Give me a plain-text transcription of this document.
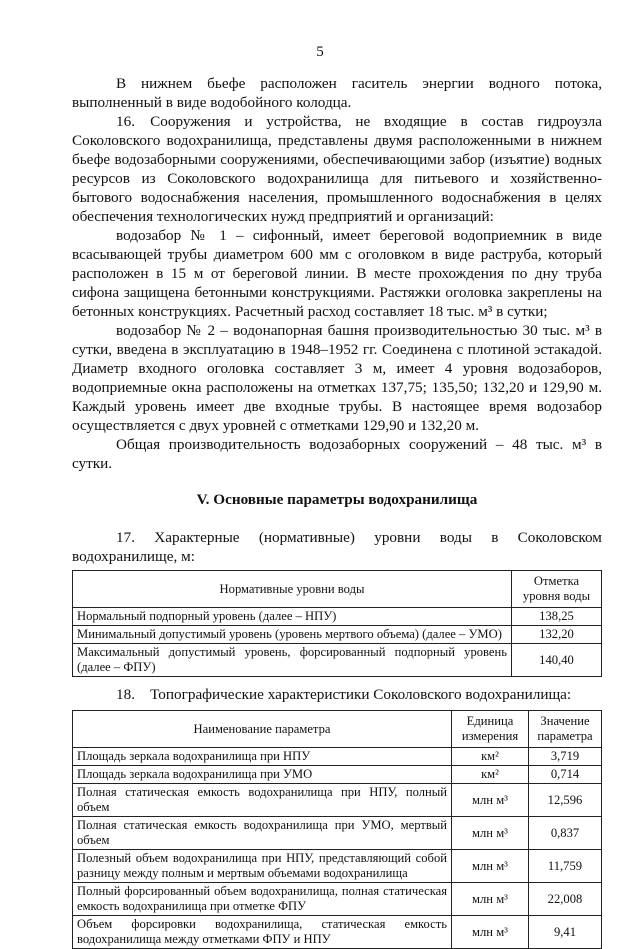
5

В нижнем бьефе расположен гаситель энергии водного потока, выполненный в виде водобойного колодца.

16. Сооружения и устройства, не входящие в состав гидроузла Соколовского водохранилища, представлены двумя расположенными в нижнем бьефе водозаборными сооружениями, обеспечивающими забор (изъятие) водных ресурсов из Соколовского водохранилища для питьевого и хозяйственно-бытового водоснабжения населения, промышленного водоснабжения в целях обеспечения технологических нужд предприятий и организаций:

водозабор № 1 – сифонный, имеет береговой водоприемник в виде всасывающей трубы диаметром 600 мм с оголовком в виде раструба, который расположен в 15 м от береговой линии. В месте прохождения по дну труба сифона защищена бетонными конструкциями. Растяжки оголовка закреплены на бетонных конструкциях. Расчетный расход составляет 18 тыс. м³ в сутки;

водозабор № 2 – водонапорная башня производительностью 30 тыс. м³ в сутки, введена в эксплуатацию в 1948–1952 гг. Соединена с плотиной эстакадой. Диаметр входного оголовка составляет 3 м, имеет 4 уровня водозаборов, водоприемные окна расположены на отметках 137,75; 135,50; 132,20 и 129,90 м. Каждый уровень имеет две входные трубы. В настоящее время водозабор осуществляется с двух уровней с отметками 129,90 и 132,20 м.

Общая производительность водозаборных сооружений – 48 тыс. м³ в сутки.

V. Основные параметры водохранилища

17. Характерные (нормативные) уровни воды в Соколовском

водохранилище, м:

Нормативные уровни воды	Отметка уровня воды
Нормальный подпорный уровень (далее – НПУ)	138,25
Минимальный допустимый уровень (уровень мертвого объема) (далее – УМО)	132,20
Максимальный допустимый уровень, форсированный подпорный уровень (далее – ФПУ)	140,40

18. Топографические характеристики Соколовского водохранилища:

Наименование параметра	Единица измерения	Значение параметра
Площадь зеркала водохранилища при НПУ	км²	3,719
Площадь зеркала водохранилища при УМО	км²	0,714
Полная статическая емкость водохранилища при НПУ, полный объем	млн м³	12,596
Полная статическая емкость водохранилища при УМО, мертвый объем	млн м³	0,837
Полезный объем водохранилища при НПУ, представляющий собой разницу между полным и мертвым объемами водохранилища	млн м³	11,759
Полный форсированный объем водохранилища, полная статическая емкость водохранилища при отметке ФПУ	млн м³	22,008
Объем форсировки водохранилища, статическая емкость водохранилища между отметками ФПУ и НПУ	млн м³	9,41
